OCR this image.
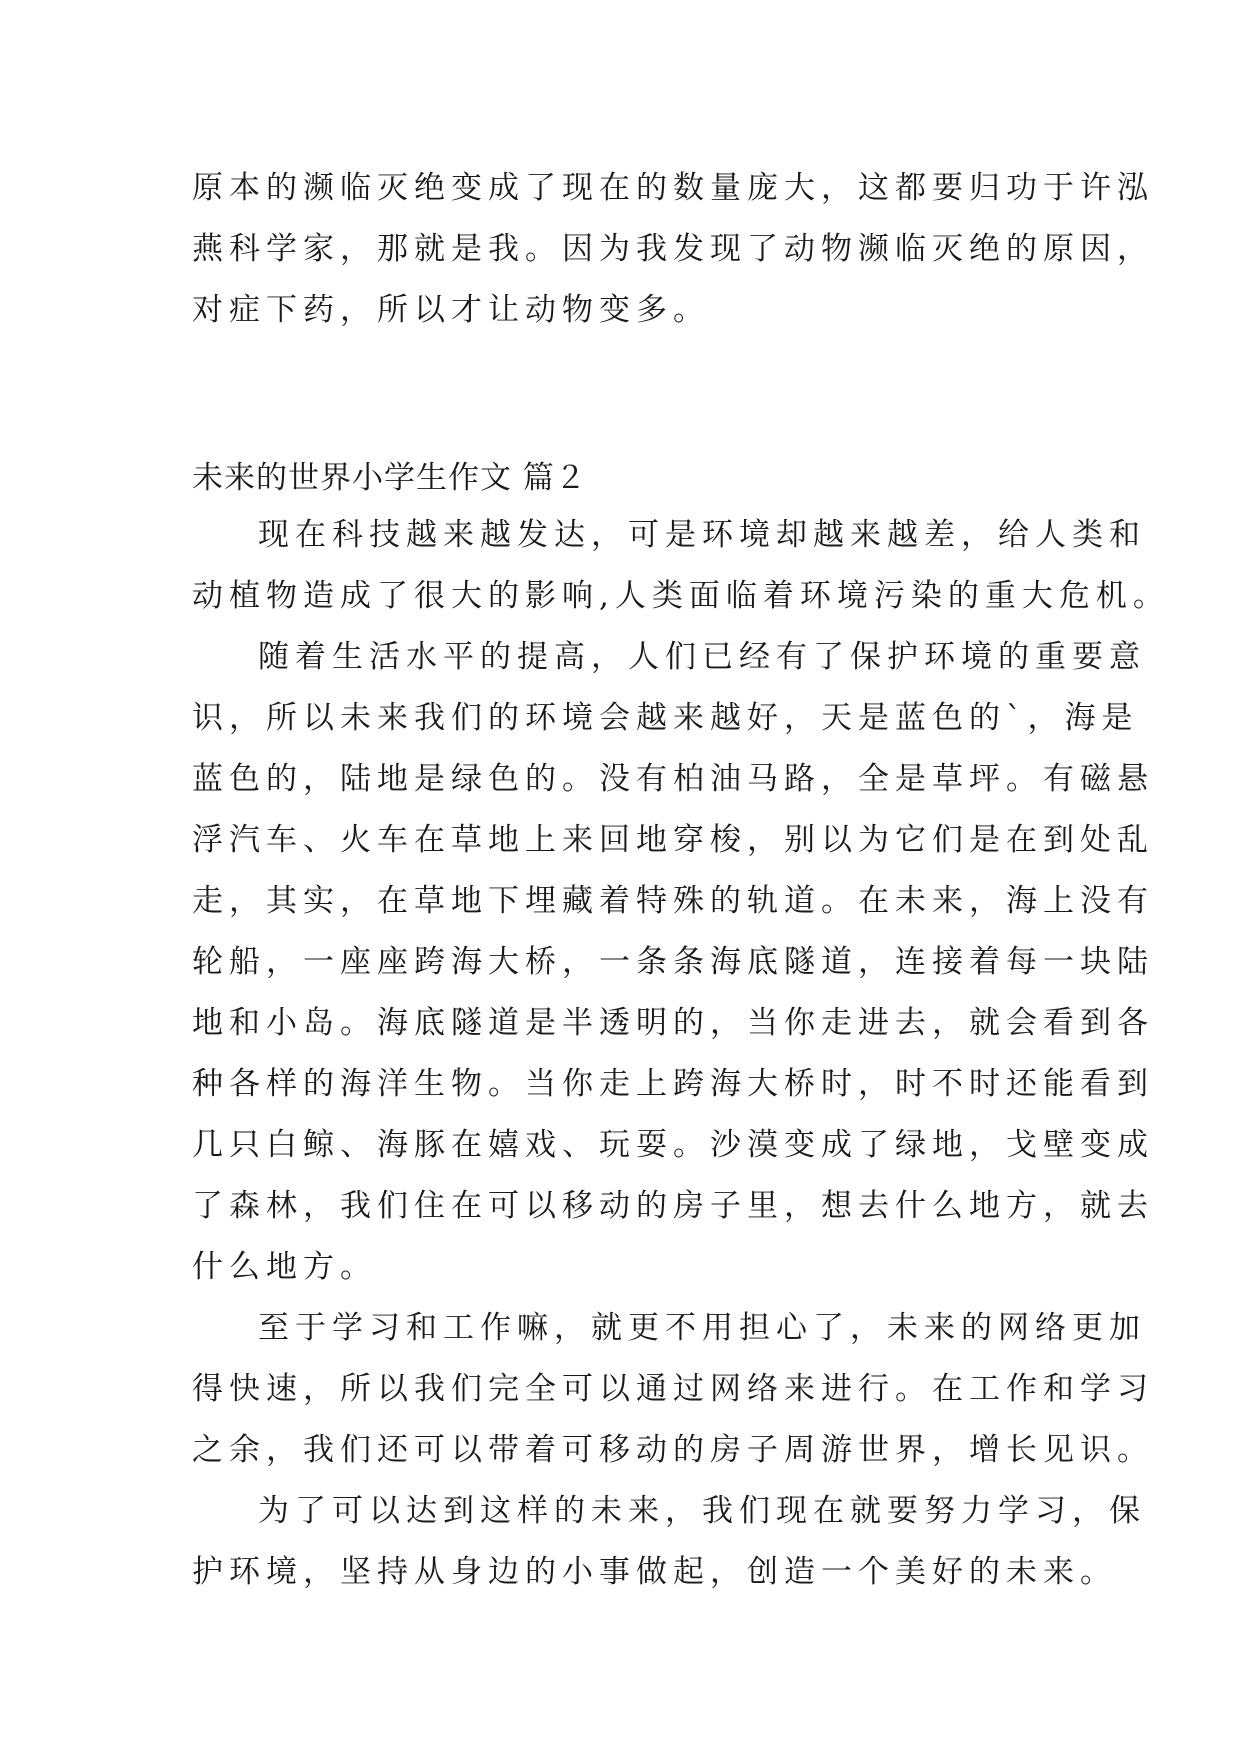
原本的濒临灭绝变成了现在的数量庞大，这都要归功于许泓
燕科学家，那就是我。因为我发现了动物濒临灭绝的原因，
对症下药，所以才让动物变多。
未来的世界小学生作文 篇２
现在科技越来越发达，可是环境却越来越差，给人类和
动植物造成了很大的影响,人类面临着环境污染的重大危机。
随着生活水平的提高，人们已经有了保护环境的重要意
识，所以未来我们的环境会越来越好，天是蓝色的`，海是
蓝色的，陆地是绿色的。没有柏油马路，全是草坪。有磁悬
浮汽车、火车在草地上来回地穿梭，别以为它们是在到处乱
走，其实，在草地下埋藏着特殊的轨道。在未来，海上没有
轮船，一座座跨海大桥，一条条海底隧道，连接着每一块陆
地和小岛。海底隧道是半透明的，当你走进去，就会看到各
种各样的海洋生物。当你走上跨海大桥时，时不时还能看到
几只白鲸、海豚在嬉戏、玩耍。沙漠变成了绿地，戈壁变成
了森林，我们住在可以移动的房子里，想去什么地方，就去
什么地方。
至于学习和工作嘛，就更不用担心了，未来的网络更加
得快速，所以我们完全可以通过网络来进行。在工作和学习
之余，我们还可以带着可移动的房子周游世界，增长见识。
为了可以达到这样的未来，我们现在就要努力学习，保
护环境，坚持从身边的小事做起，创造一个美好的未来。
